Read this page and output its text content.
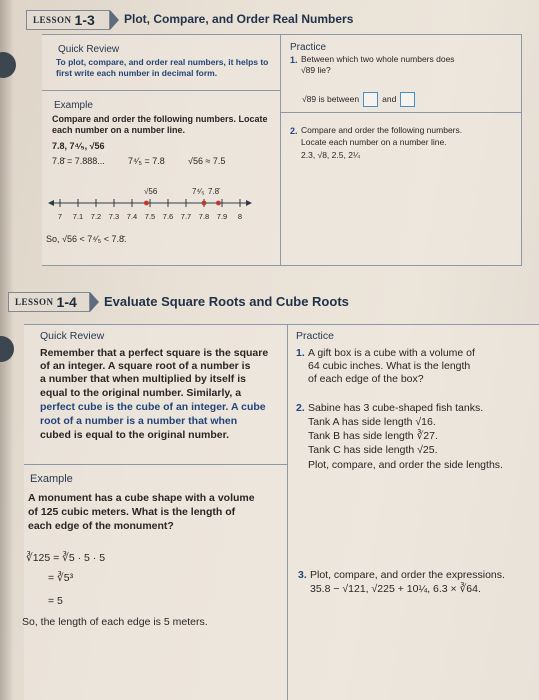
LESSON 1-3 Plot, Compare, and Order Real Numbers
Quick Review
To plot, compare, and order real numbers, it helps to first write each number in decimal form.
Example
Compare and order the following numbers. Locate each number on a number line.
7.8, 7⁴⁄₅, √56
7.8̄ = 7.888...	7⁴⁄₅ = 7.8	√56 ≈ 7.5
7 7.1 7.2 7.3 7.4 7.5 7.6 7.7 7.8 7.9 8
√56	7⁴⁄₅ 7.8̄
So, √56 < 7⁴⁄₅ < 7.8̄.
Practice
1. Between which two whole numbers does
√89 lie?
√89 is between	and
2. Compare and order the following numbers.
Locate each number on a number line.
2.3, √8, 2.5, 2¼
LESSON 1-4 Evaluate Square Roots and Cube Roots
Quick Review
Remember that a perfect square is the square
of an integer. A square root of a number is
a number that when multiplied by itself is
equal to the original number. Similarly, a
perfect cube is the cube of an integer. A cube
root of a number is a number that when
cubed is equal to the original number.
Example
A monument has a cube shape with a volume
of 125 cubic meters. What is the length of
each edge of the monument?
∛125 = ∛5 · 5 · 5
= ∛5³
= 5
So, the length of each edge is 5 meters.
Practice
1. A gift box is a cube with a volume of
64 cubic inches. What is the length
of each edge of the box?
2. Sabine has 3 cube-shaped fish tanks.
Tank A has side length √16.
Tank B has side length ∛27.
Tank C has side length √25.
Plot, compare, and order the side lengths.
3. Plot, compare, and order the expressions.
35.8 − √121, √225 + 10¼, 6.3 × ∛64.
